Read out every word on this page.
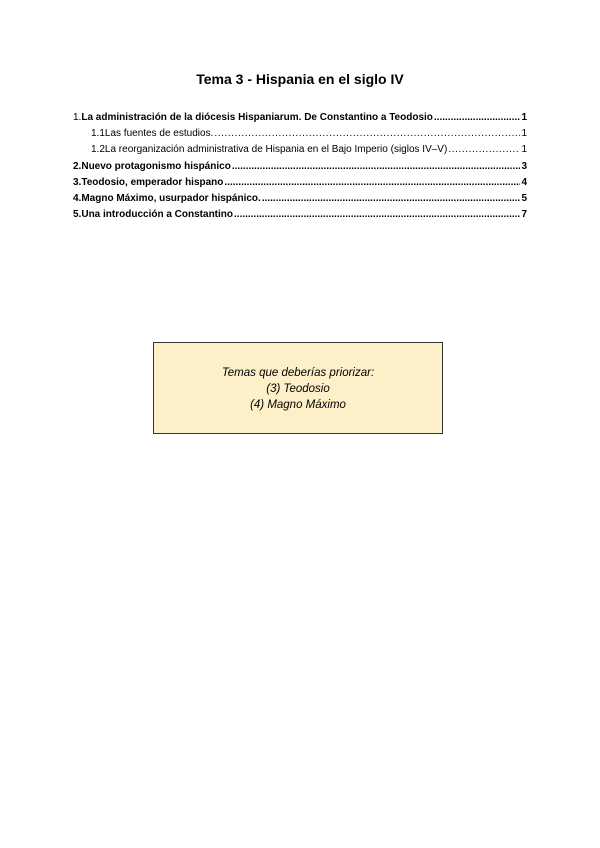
Tema 3 - Hispania en el siglo IV
1. La administración de la diócesis Hispaniarum. De Constantino a Teodosio .....	1
1.1 Las fuentes de estudios. .....	1
1.2 La reorganización administrativa de Hispania en el Bajo Imperio (siglos IV–V) .....	1
2. Nuevo protagonismo hispánico .....	3
3. Teodosio, emperador hispano .....	4
4. Magno Máximo, usurpador hispánico. .....	5
5. Una introducción a Constantino .....	7
Temas que deberías priorizar:
(3) Teodosio
(4) Magno Máximo
